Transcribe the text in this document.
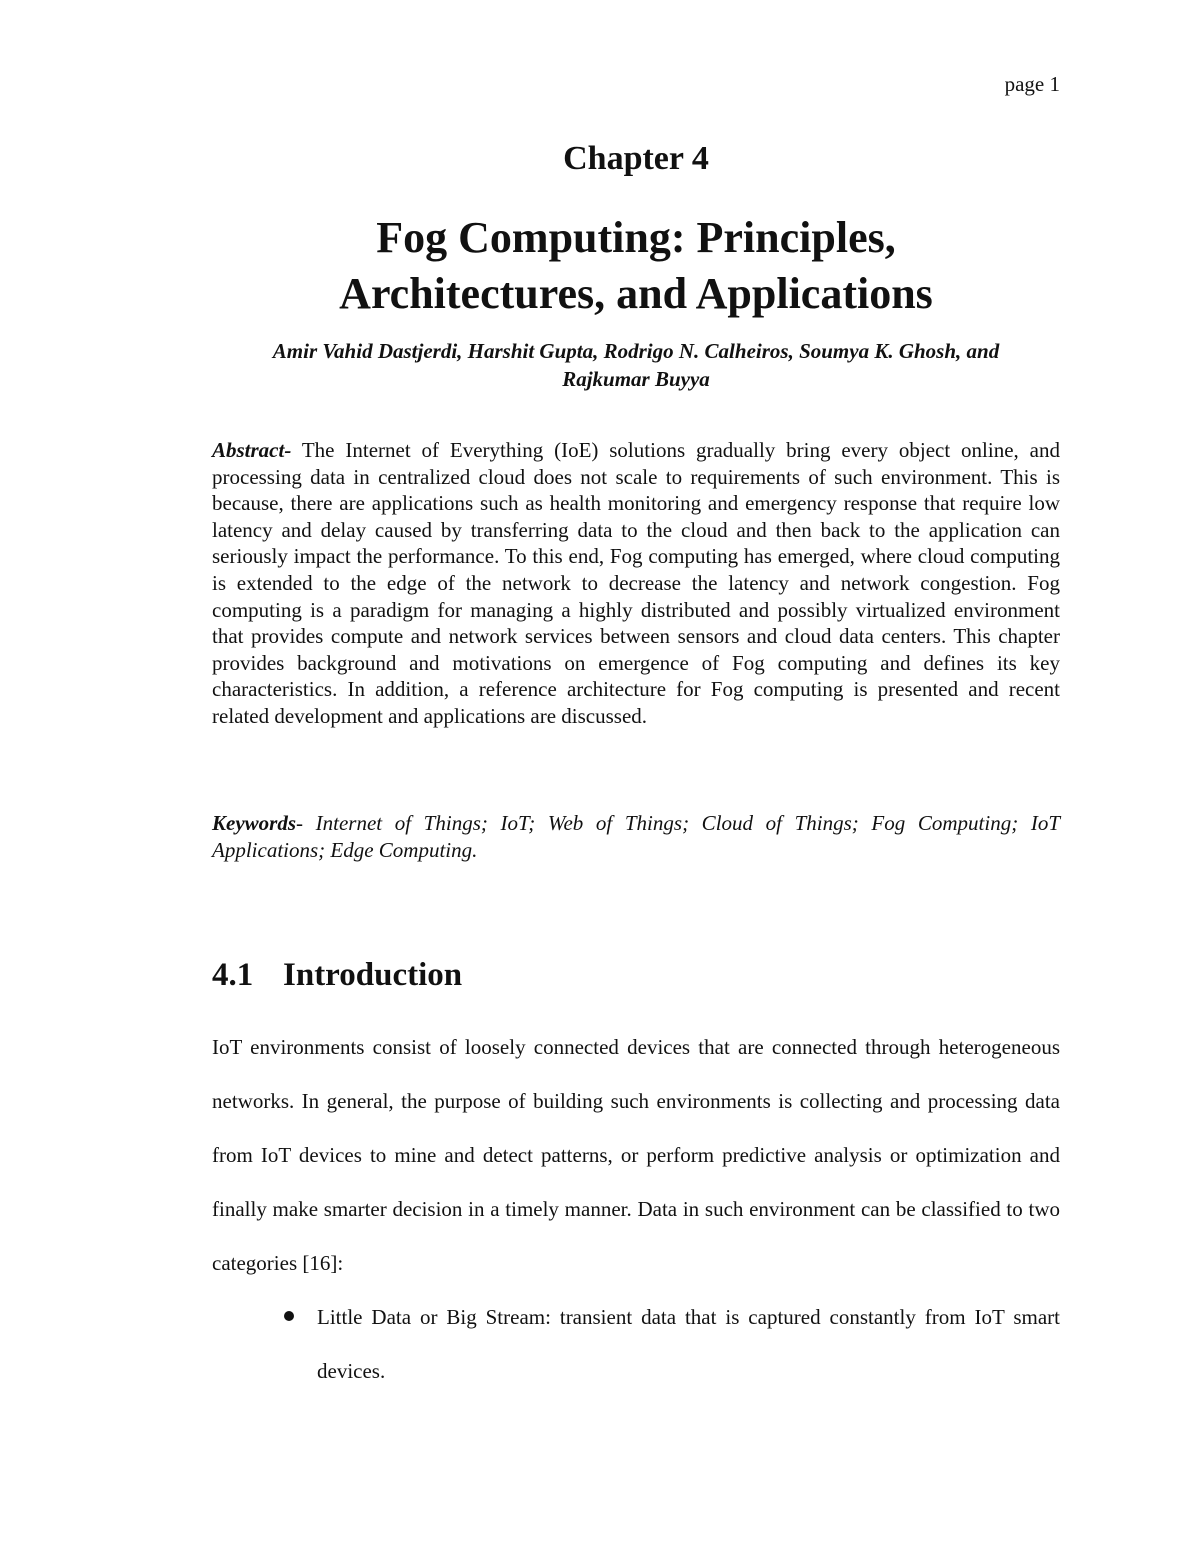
page 1
Chapter 4
Fog Computing: Principles,
Architectures, and Applications
Amir Vahid Dastjerdi, Harshit Gupta, Rodrigo N. Calheiros, Soumya K. Ghosh, and
Rajkumar Buyya
Abstract- The Internet of Everything (IoE) solutions gradually bring every object online, and processing data in centralized cloud does not scale to requirements of such environment. This is because, there are applications such as health monitoring and emergency response that require low latency and delay caused by transferring data to the cloud and then back to the application can seriously impact the performance. To this end, Fog computing has emerged, where cloud computing is extended to the edge of the network to decrease the latency and network congestion. Fog computing is a paradigm for managing a highly distributed and possibly virtualized environment that provides compute and network services between sensors and cloud data centers. This chapter provides background and motivations on emergence of Fog computing and defines its key characteristics. In addition, a reference architecture for Fog computing is presented and recent related development and applications are discussed.
Keywords- Internet of Things; IoT; Web of Things; Cloud of Things; Fog Computing; IoT Applications; Edge Computing.
4.1 Introduction
IoT environments consist of loosely connected devices that are connected through heterogeneous networks. In general, the purpose of building such environments is collecting and processing data from IoT devices to mine and detect patterns, or perform predictive analysis or optimization and finally make smarter decision in a timely manner. Data in such environment can be classified to two categories [16]:
Little Data or Big Stream: transient data that is captured constantly from IoT smart devices.
